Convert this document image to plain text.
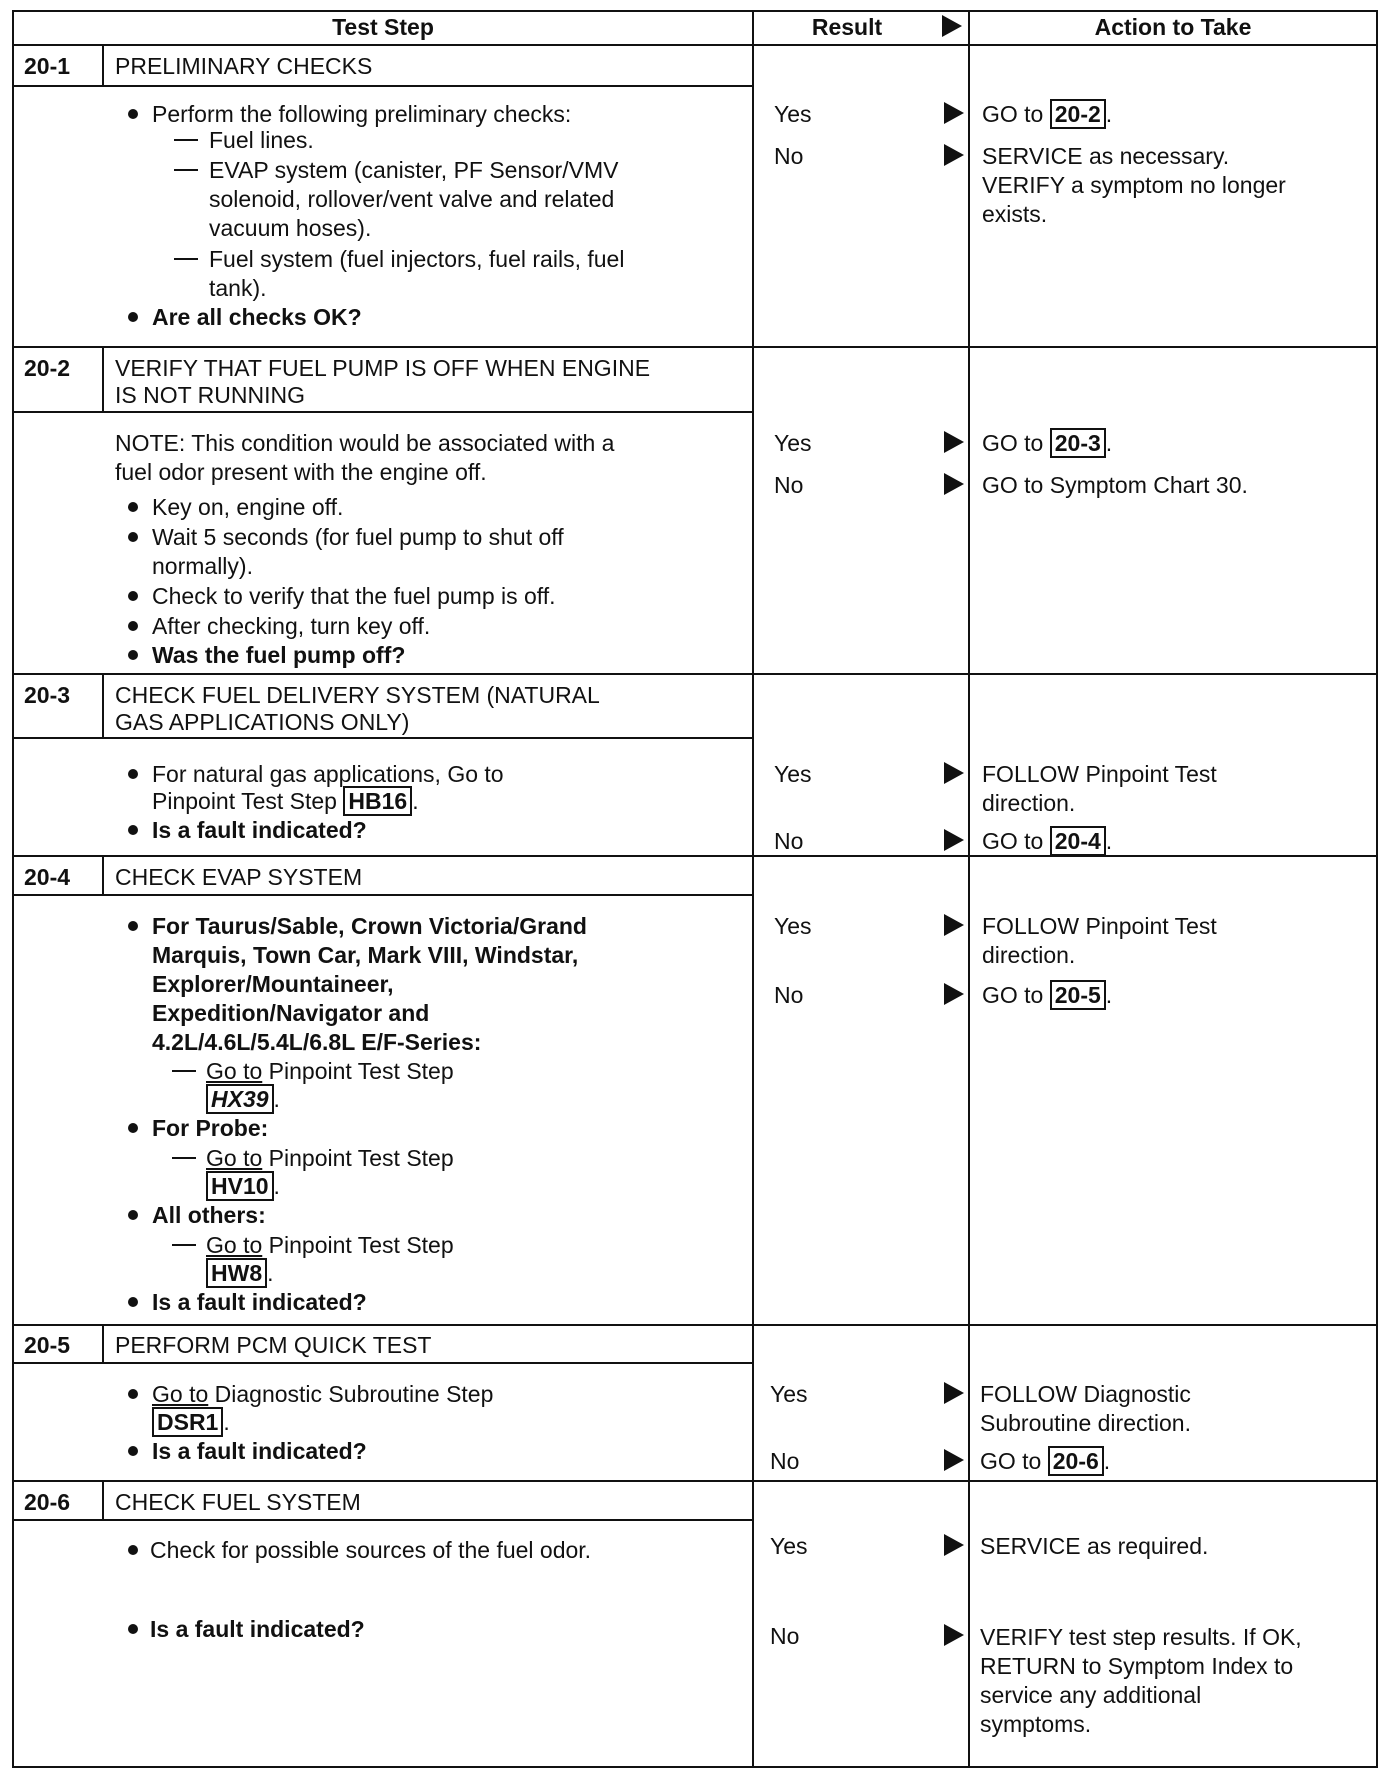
Test Step	Result	Action to Take
20-1 PRELIMINARY CHECKS
Perform the following preliminary checks:
Fuel lines.
EVAP system (canister, PF Sensor/VMV
solenoid, rollover/vent valve and related
vacuum hoses).
Fuel system (fuel injectors, fuel rails, fuel
tank).
Are all checks OK?
Yes
No
GO to 20-2 .
SERVICE as necessary.
VERIFY a symptom no longer
exists.
20-2 VERIFY THAT FUEL PUMP IS OFF WHEN ENGINE
IS NOT RUNNING
NOTE: This condition would be associated with a
fuel odor present with the engine off.
Key on, engine off.
Wait 5 seconds (for fuel pump to shut off
normally).
Check to verify that the fuel pump is off.
After checking, turn key off.
Was the fuel pump off?
Yes
No
GO to 20-3 .
GO to Symptom Chart 30.
20-3 CHECK FUEL DELIVERY SYSTEM (NATURAL
GAS APPLICATIONS ONLY)
For natural gas applications, Go to
Pinpoint Test Step HB16 .
Is a fault indicated?
Yes
No
FOLLOW Pinpoint Test
direction.
GO to 20-4 .
20-4 CHECK EVAP SYSTEM
For Taurus/Sable, Crown Victoria/Grand
Marquis, Town Car, Mark VIII, Windstar,
Explorer/Mountaineer,
Expedition/Navigator and
4.2L/4.6L/5.4L/6.8L E/F-Series:
Go to Pinpoint Test Step
HX39 .
For Probe:
Go to Pinpoint Test Step
HV10 .
All others:
Go to Pinpoint Test Step
HW8 .
Is a fault indicated?
Yes
No
FOLLOW Pinpoint Test
direction.
GO to 20-5 .
20-5 PERFORM PCM QUICK TEST
Go to Diagnostic Subroutine Step
DSR1 .
Is a fault indicated?
Yes
No
FOLLOW Diagnostic
Subroutine direction.
GO to 20-6 .
20-6 CHECK FUEL SYSTEM
Check for possible sources of the fuel odor.
Is a fault indicated?
Yes
No
SERVICE as required.
VERIFY test step results. If OK,
RETURN to Symptom Index to
service any additional
symptoms.
